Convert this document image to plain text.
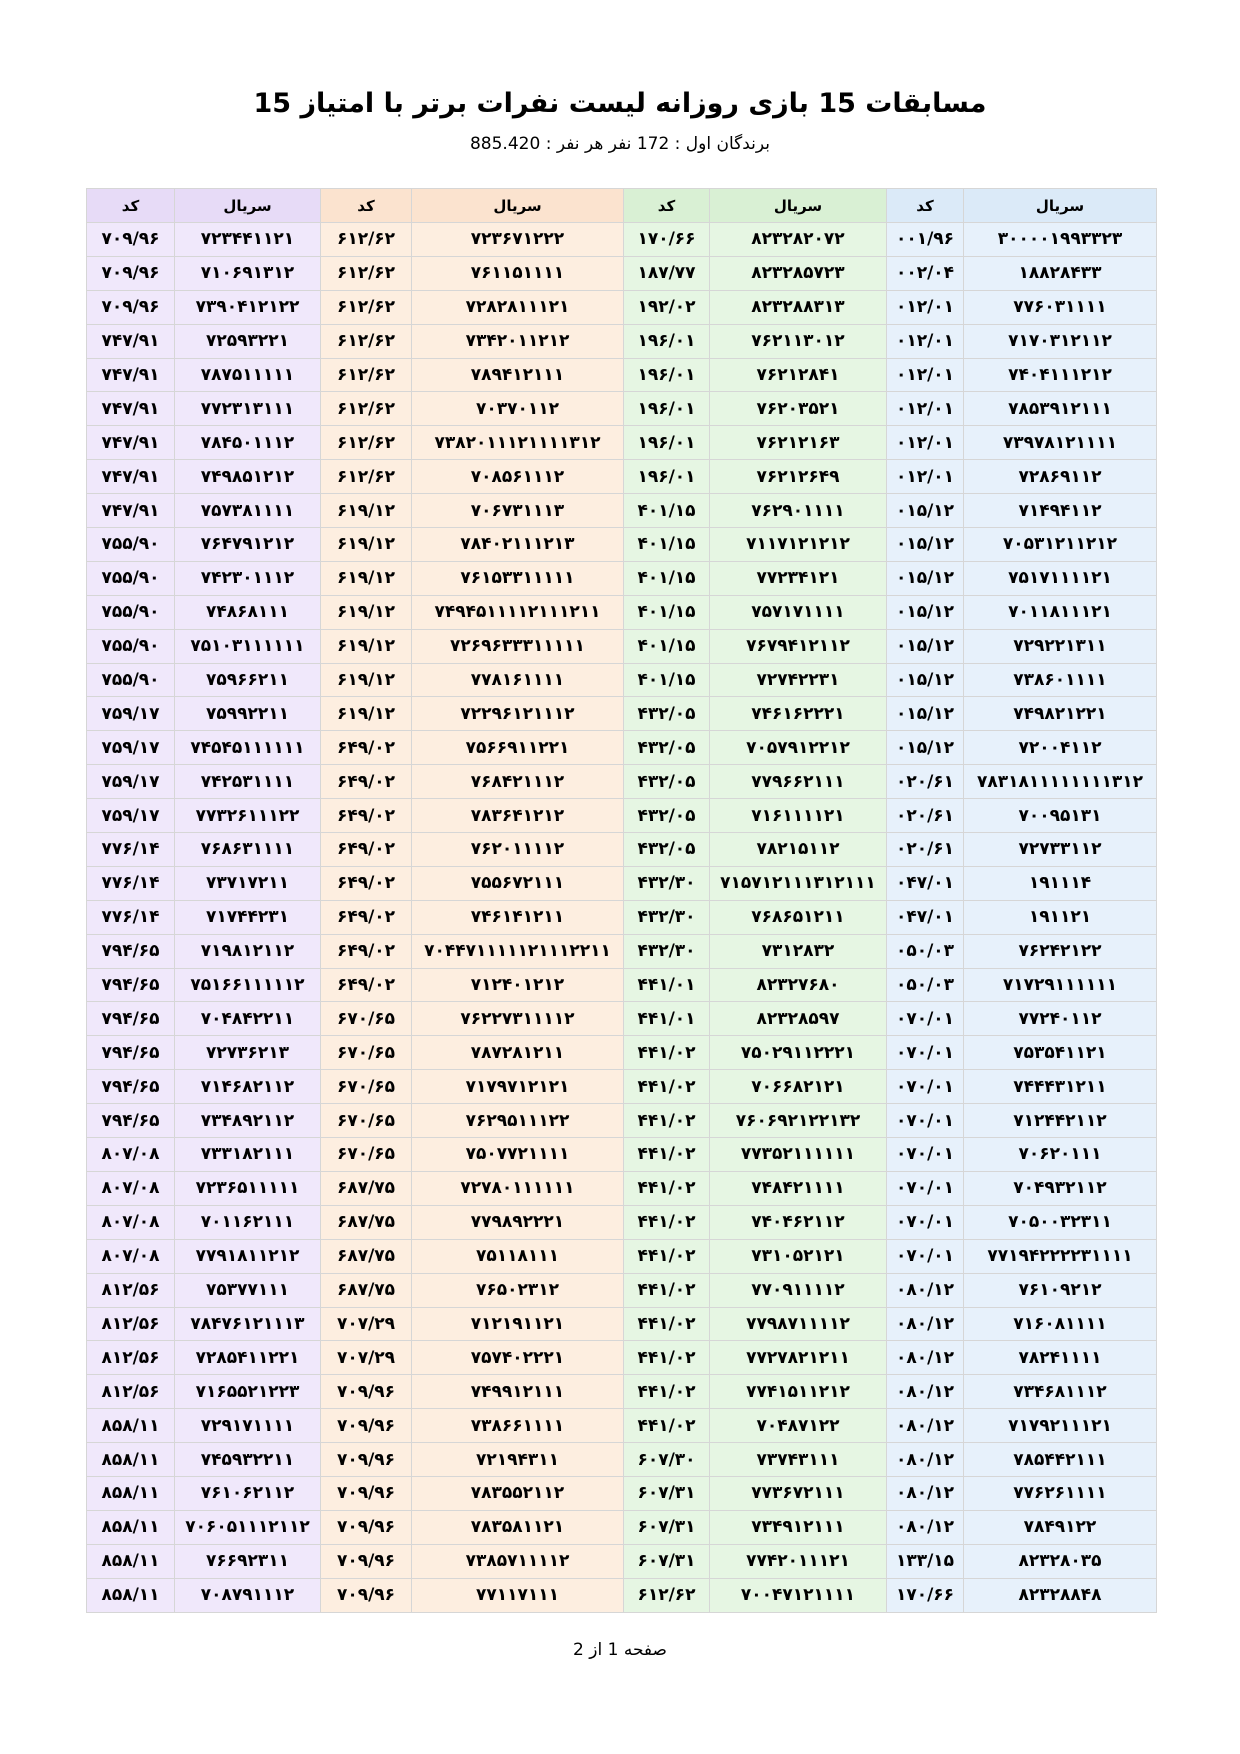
مسابقات 15 بازی روزانه لیست نفرات برتر با امتیاز 15

برندگان اول : 172 نفر هر نفر : 885.420

سریال	کد	سریال	کد	سریال	کد	سریال	کد
۳۰۰۰۰۱۹۹۳۳۲۳	۰۰۱/۹۶	۸۲۳۲۸۲۰۷۲	۱۷۰/۶۶	۷۲۳۶۷۱۲۲۲	۶۱۲/۶۲	۷۲۳۴۴۱۱۲۱	۷۰۹/۹۶
۱۸۸۲۸۴۳۳	۰۰۲/۰۴	۸۲۳۲۸۵۷۲۳	۱۸۷/۷۷	۷۶۱۱۵۱۱۱۱	۶۱۲/۶۲	۷۱۰۶۹۱۳۱۲	۷۰۹/۹۶
۷۷۶۰۳۱۱۱۱	۰۱۲/۰۱	۸۲۳۲۸۸۳۱۳	۱۹۲/۰۲	۷۲۸۲۸۱۱۱۲۱	۶۱۲/۶۲	۷۳۹۰۴۱۲۱۲۲	۷۰۹/۹۶
۷۱۷۰۳۱۲۱۱۲	۰۱۲/۰۱	۷۶۲۱۱۳۰۱۲	۱۹۶/۰۱	۷۳۴۲۰۱۱۲۱۲	۶۱۲/۶۲	۷۲۵۹۳۲۲۱	۷۴۷/۹۱
۷۴۰۴۱۱۱۲۱۲	۰۱۲/۰۱	۷۶۲۱۲۸۴۱	۱۹۶/۰۱	۷۸۹۴۱۲۱۱۱	۶۱۲/۶۲	۷۸۷۵۱۱۱۱۱	۷۴۷/۹۱
۷۸۵۳۹۱۲۱۱۱	۰۱۲/۰۱	۷۶۲۰۳۵۲۱	۱۹۶/۰۱	۷۰۳۷۰۱۱۲	۶۱۲/۶۲	۷۷۲۳۱۳۱۱۱	۷۴۷/۹۱
۷۳۹۷۸۱۲۱۱۱۱	۰۱۲/۰۱	۷۶۲۱۲۱۶۳	۱۹۶/۰۱	۷۳۸۲۰۱۱۱۲۱۱۱۱۳۱۲	۶۱۲/۶۲	۷۸۴۵۰۱۱۱۲	۷۴۷/۹۱
۷۲۸۶۹۱۱۲	۰۱۲/۰۱	۷۶۲۱۲۶۴۹	۱۹۶/۰۱	۷۰۸۵۶۱۱۱۲	۶۱۲/۶۲	۷۴۹۸۵۱۲۱۲	۷۴۷/۹۱
۷۱۴۹۴۱۱۲	۰۱۵/۱۲	۷۶۲۹۰۱۱۱۱	۴۰۱/۱۵	۷۰۶۷۳۱۱۱۳	۶۱۹/۱۲	۷۵۷۳۸۱۱۱۱	۷۴۷/۹۱
۷۰۵۳۱۲۱۱۲۱۲	۰۱۵/۱۲	۷۱۱۷۱۲۱۲۱۲	۴۰۱/۱۵	۷۸۴۰۲۱۱۱۲۱۳	۶۱۹/۱۲	۷۶۴۷۹۱۲۱۲	۷۵۵/۹۰
۷۵۱۷۱۱۱۱۲۱	۰۱۵/۱۲	۷۷۲۳۴۱۲۱	۴۰۱/۱۵	۷۶۱۵۳۳۱۱۱۱۱	۶۱۹/۱۲	۷۴۲۳۰۱۱۱۲	۷۵۵/۹۰
۷۰۱۱۸۱۱۱۲۱	۰۱۵/۱۲	۷۵۷۱۷۱۱۱۱	۴۰۱/۱۵	۷۴۹۴۵۱۱۱۱۲۱۱۱۲۱۱	۶۱۹/۱۲	۷۴۸۶۸۱۱۱	۷۵۵/۹۰
۷۲۹۲۲۱۳۱۱	۰۱۵/۱۲	۷۶۷۹۴۱۲۱۱۲	۴۰۱/۱۵	۷۲۶۹۶۳۳۳۱۱۱۱۱	۶۱۹/۱۲	۷۵۱۰۳۱۱۱۱۱۱	۷۵۵/۹۰
۷۳۸۶۰۱۱۱۱	۰۱۵/۱۲	۷۲۷۴۲۲۳۱	۴۰۱/۱۵	۷۷۸۱۶۱۱۱۱	۶۱۹/۱۲	۷۵۹۶۶۲۱۱	۷۵۵/۹۰
۷۴۹۸۲۱۲۲۱	۰۱۵/۱۲	۷۴۶۱۶۲۲۲۱	۴۳۲/۰۵	۷۲۲۹۶۱۲۱۱۱۲	۶۱۹/۱۲	۷۵۹۹۲۲۱۱	۷۵۹/۱۷
۷۲۰۰۴۱۱۲	۰۱۵/۱۲	۷۰۵۷۹۱۲۲۱۲	۴۳۲/۰۵	۷۵۶۶۹۱۱۲۲۱	۶۴۹/۰۲	۷۴۵۴۵۱۱۱۱۱۱	۷۵۹/۱۷
۷۸۳۱۸۱۱۱۱۱۱۱۱۳۱۲	۰۲۰/۶۱	۷۷۹۶۶۲۱۱۱	۴۳۲/۰۵	۷۶۸۴۲۱۱۱۲	۶۴۹/۰۲	۷۴۲۵۳۱۱۱۱	۷۵۹/۱۷
۷۰۰۹۵۱۳۱	۰۲۰/۶۱	۷۱۶۱۱۱۱۲۱	۴۳۲/۰۵	۷۸۳۶۴۱۲۱۲	۶۴۹/۰۲	۷۷۳۲۶۱۱۱۲۲	۷۵۹/۱۷
۷۲۷۳۳۱۱۲	۰۲۰/۶۱	۷۸۲۱۵۱۱۲	۴۳۲/۰۵	۷۶۲۰۱۱۱۱۲	۶۴۹/۰۲	۷۶۸۶۳۱۱۱۱	۷۷۶/۱۴
۱۹۱۱۱۴	۰۴۷/۰۱	۷۱۵۷۱۲۱۱۱۳۱۲۱۱۱	۴۳۲/۳۰	۷۵۵۶۷۲۱۱۱	۶۴۹/۰۲	۷۳۷۱۷۲۱۱	۷۷۶/۱۴
۱۹۱۱۲۱	۰۴۷/۰۱	۷۶۸۶۵۱۲۱۱	۴۳۲/۳۰	۷۴۶۱۴۱۲۱۱	۶۴۹/۰۲	۷۱۷۴۴۲۳۱	۷۷۶/۱۴
۷۶۲۴۲۱۲۲	۰۵۰/۰۳	۷۳۱۲۸۳۲	۴۳۲/۳۰	۷۰۴۴۷۱۱۱۱۱۲۱۱۱۲۲۱۱	۶۴۹/۰۲	۷۱۹۸۱۲۱۱۲	۷۹۴/۶۵
۷۱۷۲۹۱۱۱۱۱۱	۰۵۰/۰۳	۸۲۳۲۷۶۸۰	۴۴۱/۰۱	۷۱۲۴۰۱۲۱۲	۶۴۹/۰۲	۷۵۱۶۶۱۱۱۱۱۲	۷۹۴/۶۵
۷۷۲۴۰۱۱۲	۰۷۰/۰۱	۸۲۳۲۸۵۹۷	۴۴۱/۰۱	۷۶۲۲۷۳۱۱۱۱۲	۶۷۰/۶۵	۷۰۴۸۴۲۲۱۱	۷۹۴/۶۵
۷۵۳۵۴۱۱۲۱	۰۷۰/۰۱	۷۵۰۲۹۱۱۲۲۲۱	۴۴۱/۰۲	۷۸۷۲۸۱۲۱۱	۶۷۰/۶۵	۷۲۷۳۶۲۱۳	۷۹۴/۶۵
۷۴۴۴۳۱۲۱۱	۰۷۰/۰۱	۷۰۶۶۸۲۱۲۱	۴۴۱/۰۲	۷۱۷۹۷۱۲۱۲۱	۶۷۰/۶۵	۷۱۴۶۸۲۱۱۲	۷۹۴/۶۵
۷۱۲۴۴۲۱۱۲	۰۷۰/۰۱	۷۶۰۶۹۲۱۲۲۱۳۲	۴۴۱/۰۲	۷۶۲۹۵۱۱۱۲۲	۶۷۰/۶۵	۷۳۴۸۹۲۱۱۲	۷۹۴/۶۵
۷۰۶۲۰۱۱۱	۰۷۰/۰۱	۷۷۳۵۲۱۱۱۱۱۱	۴۴۱/۰۲	۷۵۰۷۷۲۱۱۱۱	۶۷۰/۶۵	۷۳۳۱۸۲۱۱۱	۸۰۷/۰۸
۷۰۴۹۳۲۱۱۲	۰۷۰/۰۱	۷۴۸۴۲۱۱۱۱	۴۴۱/۰۲	۷۲۷۸۰۱۱۱۱۱۱	۶۸۷/۷۵	۷۲۳۶۵۱۱۱۱۱	۸۰۷/۰۸
۷۰۵۰۰۳۲۳۱۱	۰۷۰/۰۱	۷۴۰۴۶۲۱۱۲	۴۴۱/۰۲	۷۷۹۸۹۲۲۲۱	۶۸۷/۷۵	۷۰۱۱۶۲۱۱۱	۸۰۷/۰۸
۷۷۱۹۴۲۲۲۲۳۱۱۱۱	۰۷۰/۰۱	۷۳۱۰۵۲۱۲۱	۴۴۱/۰۲	۷۵۱۱۸۱۱۱	۶۸۷/۷۵	۷۷۹۱۸۱۱۲۱۲	۸۰۷/۰۸
۷۶۱۰۹۲۱۲	۰۸۰/۱۲	۷۷۰۹۱۱۱۱۲	۴۴۱/۰۲	۷۶۵۰۲۳۱۲	۶۸۷/۷۵	۷۵۳۷۷۱۱۱	۸۱۲/۵۶
۷۱۶۰۸۱۱۱۱	۰۸۰/۱۲	۷۷۹۸۷۱۱۱۱۲	۴۴۱/۰۲	۷۱۲۱۹۱۱۲۱	۷۰۷/۲۹	۷۸۴۷۶۱۲۱۱۱۳	۸۱۲/۵۶
۷۸۲۴۱۱۱۱	۰۸۰/۱۲	۷۷۲۷۸۲۱۲۱۱	۴۴۱/۰۲	۷۵۷۴۰۲۲۲۱	۷۰۷/۲۹	۷۲۸۵۴۱۱۲۲۱	۸۱۲/۵۶
۷۳۴۶۸۱۱۱۲	۰۸۰/۱۲	۷۷۴۱۵۱۱۲۱۲	۴۴۱/۰۲	۷۴۹۹۱۲۱۱۱	۷۰۹/۹۶	۷۱۶۵۵۲۱۲۲۳	۸۱۲/۵۶
۷۱۷۹۲۱۱۱۲۱	۰۸۰/۱۲	۷۰۴۸۷۱۲۲	۴۴۱/۰۲	۷۳۸۶۶۱۱۱۱	۷۰۹/۹۶	۷۲۹۱۷۱۱۱۱	۸۵۸/۱۱
۷۸۵۴۴۲۱۱۱	۰۸۰/۱۲	۷۳۷۴۳۱۱۱	۶۰۷/۳۰	۷۲۱۹۴۳۱۱	۷۰۹/۹۶	۷۴۵۹۳۲۲۱۱	۸۵۸/۱۱
۷۷۶۲۶۱۱۱۱	۰۸۰/۱۲	۷۷۳۶۷۲۱۱۱	۶۰۷/۳۱	۷۸۳۵۵۲۱۱۲	۷۰۹/۹۶	۷۶۱۰۶۲۱۱۲	۸۵۸/۱۱
۷۸۴۹۱۲۲	۰۸۰/۱۲	۷۳۴۹۱۲۱۱۱	۶۰۷/۳۱	۷۸۳۵۸۱۱۲۱	۷۰۹/۹۶	۷۰۶۰۵۱۱۱۲۱۱۲	۸۵۸/۱۱
۸۲۳۲۸۰۳۵	۱۳۳/۱۵	۷۷۴۲۰۱۱۱۲۱	۶۰۷/۳۱	۷۳۸۵۷۱۱۱۱۲	۷۰۹/۹۶	۷۶۶۹۲۳۱۱	۸۵۸/۱۱
۸۲۳۲۸۸۴۸	۱۷۰/۶۶	۷۰۰۴۷۱۲۱۱۱۱	۶۱۲/۶۲	۷۷۱۱۷۱۱۱	۷۰۹/۹۶	۷۰۸۷۹۱۱۱۲	۸۵۸/۱۱

صفحه 1 از 2
